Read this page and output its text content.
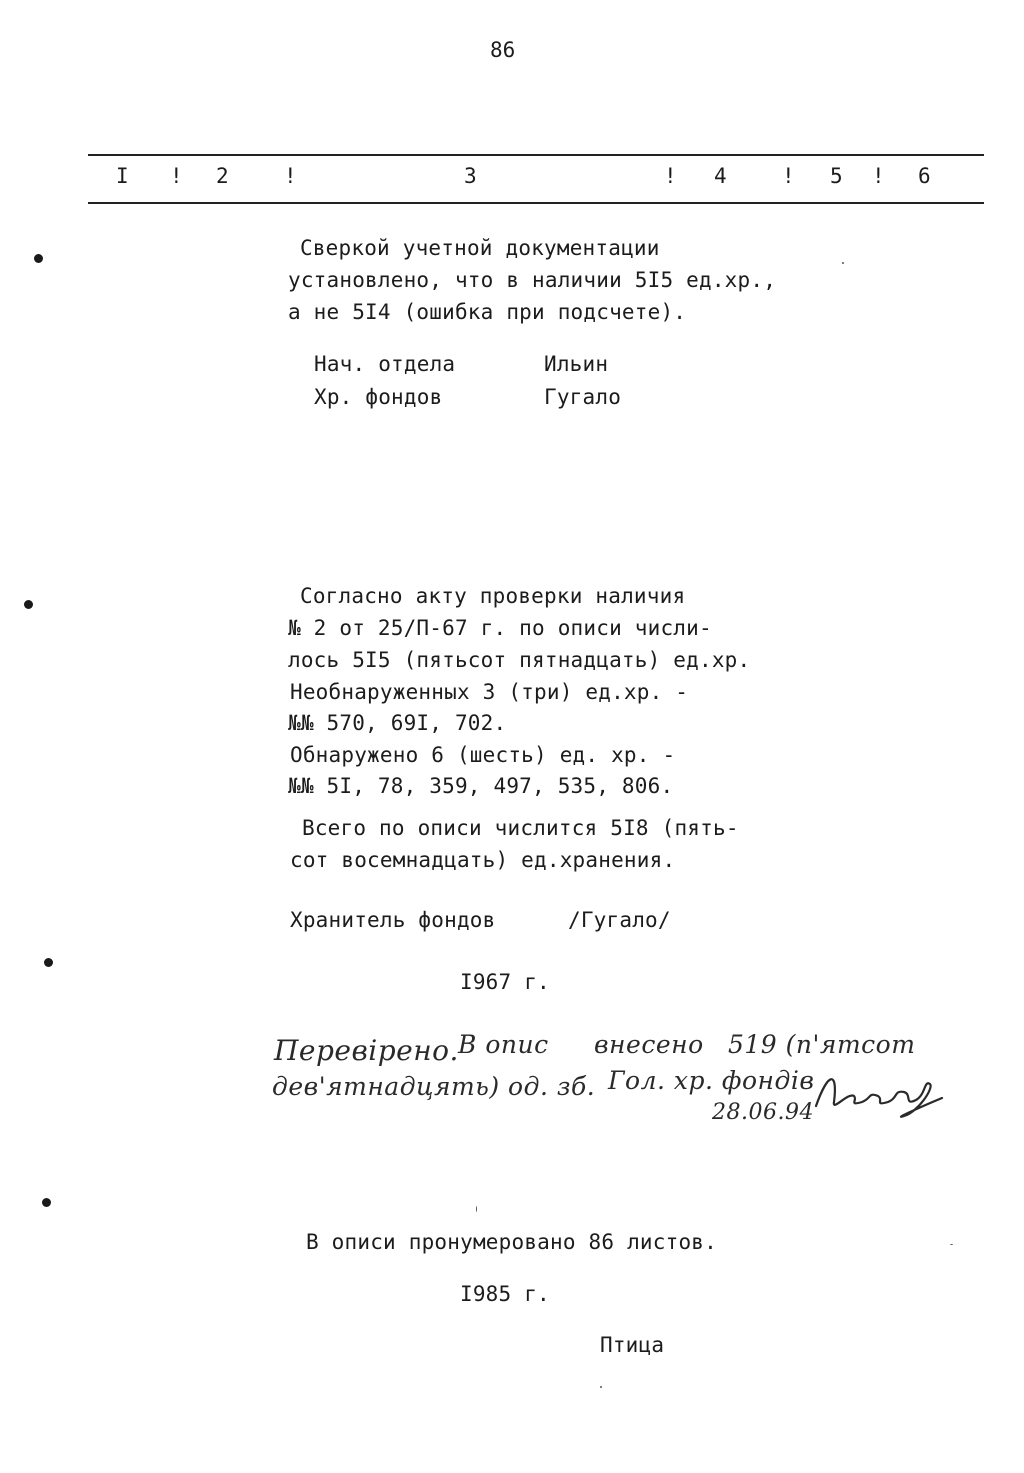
86
I ! 2	!	3	! 4	! 5 ! 6
Сверкой учетной документации
установлено, что в наличии 5I5 ед.хр.,
а не 5I4 (ошибка при подсчете).
Нач. отдела	Ильин
Хр. фондов	Гугало
Согласно акту проверки наличия
№ 2 от 25/П-67 г. по описи числи-
лось 5I5 (пятьсот пятнадцать) ед.хр.
Необнаруженных 3 (три) ед.хр. -
№№ 570, 69I, 702.
Обнаружено 6 (шесть) ед. хр. -
№№ 5I, 78, 359, 497, 535, 806.
Всего по описи числится 5I8 (пять-
сот восемнадцать) ед.хранения.
Хранитель фондов	/Гугало/
I967 г.
Перевірено. В опис внесено 519 (п'ятсот
дев'ятнадцять) од. зб. Гол. хр. фондів
28.06.94
В описи пронумеровано 86 листов.
I985 г.
Птица
